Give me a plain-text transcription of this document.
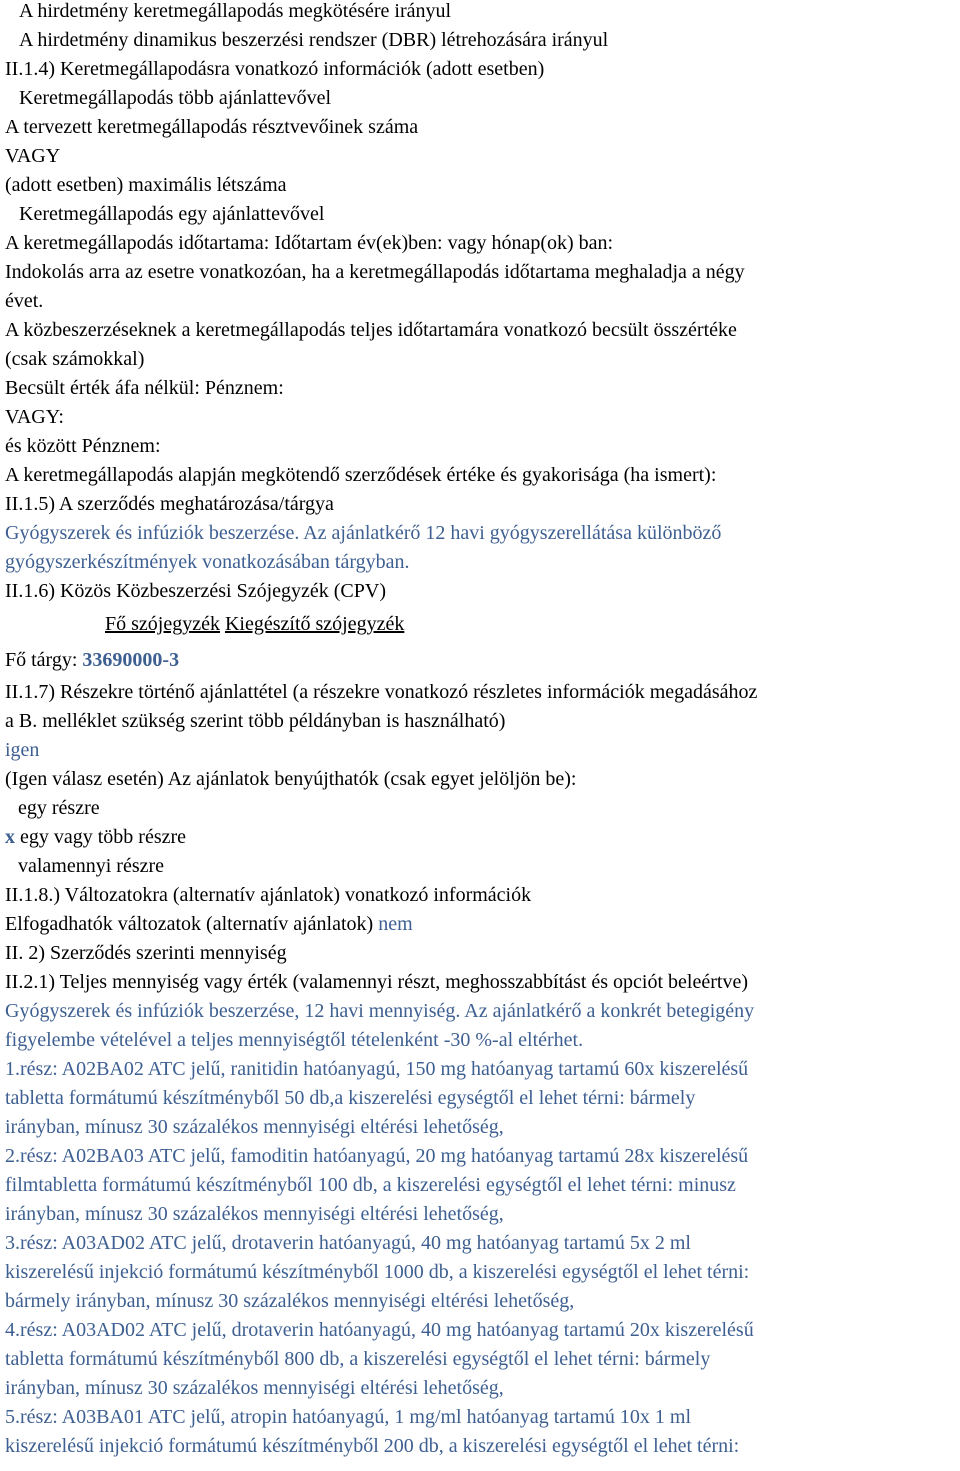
A hirdetmény keretmegállapodás megkötésére irányul
A hirdetmény dinamikus beszerzési rendszer (DBR) létrehozására irányul
II.1.4) Keretmegállapodásra vonatkozó információk (adott esetben)
Keretmegállapodás több ajánlattevővel
A tervezett keretmegállapodás résztvevőinek száma
VAGY
(adott esetben) maximális létszáma
Keretmegállapodás egy ajánlattevővel
A keretmegállapodás időtartama: Időtartam év(ek)ben: vagy hónap(ok) ban:
Indokolás arra az esetre vonatkozóan, ha a keretmegállapodás időtartama meghaladja a négy
évet.
A közbeszerzéseknek a keretmegállapodás teljes időtartamára vonatkozó becsült összértéke
(csak számokkal)
Becsült érték áfa nélkül: Pénznem:
VAGY:
és között Pénznem:
A keretmegállapodás alapján megkötendő szerződések értéke és gyakorisága (ha ismert):
II.1.5) A szerződés meghatározása/tárgya
Gyógyszerek és infúziók beszerzése. Az ajánlatkérő 12 havi gyógyszerellátása különböző
gyógyszerkészítmények vonatkozásában tárgyban.
II.1.6) Közös Közbeszerzési Szójegyzék (CPV)
Fő szójegyzék Kiegészítő szójegyzék
Fő tárgy: 33690000-3
II.1.7) Részekre történő ajánlattétel (a részekre vonatkozó részletes információk megadásához
a B. melléklet szükség szerint több példányban is használható)
igen
(Igen válasz esetén) Az ajánlatok benyújthatók (csak egyet jelöljön be):
egy részre
x egy vagy több részre
valamennyi részre
II.1.8.) Változatokra (alternatív ajánlatok) vonatkozó információk
Elfogadhatók változatok (alternatív ajánlatok) nem
II. 2) Szerződés szerinti mennyiség
II.2.1) Teljes mennyiség vagy érték (valamennyi részt, meghosszabbítást és opciót beleértve)
Gyógyszerek és infúziók beszerzése, 12 havi mennyiség. Az ajánlatkérő a konkrét betegigény
figyelembe vételével a teljes mennyiségtől tételenként -30 %-al eltérhet.
1.rész: A02BA02 ATC jelű, ranitidin hatóanyagú, 150 mg hatóanyag tartamú 60x kiszerelésű
tabletta formátumú készítményből 50 db,a kiszerelési egységtől el lehet térni: bármely
irányban, mínusz 30 százalékos mennyiségi eltérési lehetőség,
2.rész: A02BA03 ATC jelű, famoditin hatóanyagú, 20 mg hatóanyag tartamú 28x kiszerelésű
filmtabletta formátumú készítményből 100 db, a kiszerelési egységtől el lehet térni: minusz
irányban, mínusz 30 százalékos mennyiségi eltérési lehetőség,
3.rész: A03AD02 ATC jelű, drotaverin hatóanyagú, 40 mg hatóanyag tartamú 5x 2 ml
kiszerelésű injekció formátumú készítményből 1000 db, a kiszerelési egységtől el lehet térni:
bármely irányban, mínusz 30 százalékos mennyiségi eltérési lehetőség,
4.rész: A03AD02 ATC jelű, drotaverin hatóanyagú, 40 mg hatóanyag tartamú 20x kiszerelésű
tabletta formátumú készítményből 800 db, a kiszerelési egységtől el lehet térni: bármely
irányban, mínusz 30 százalékos mennyiségi eltérési lehetőség,
5.rész: A03BA01 ATC jelű, atropin hatóanyagú, 1 mg/ml hatóanyag tartamú 10x 1 ml
kiszerelésű injekció formátumú készítményből 200 db, a kiszerelési egységtől el lehet térni:
